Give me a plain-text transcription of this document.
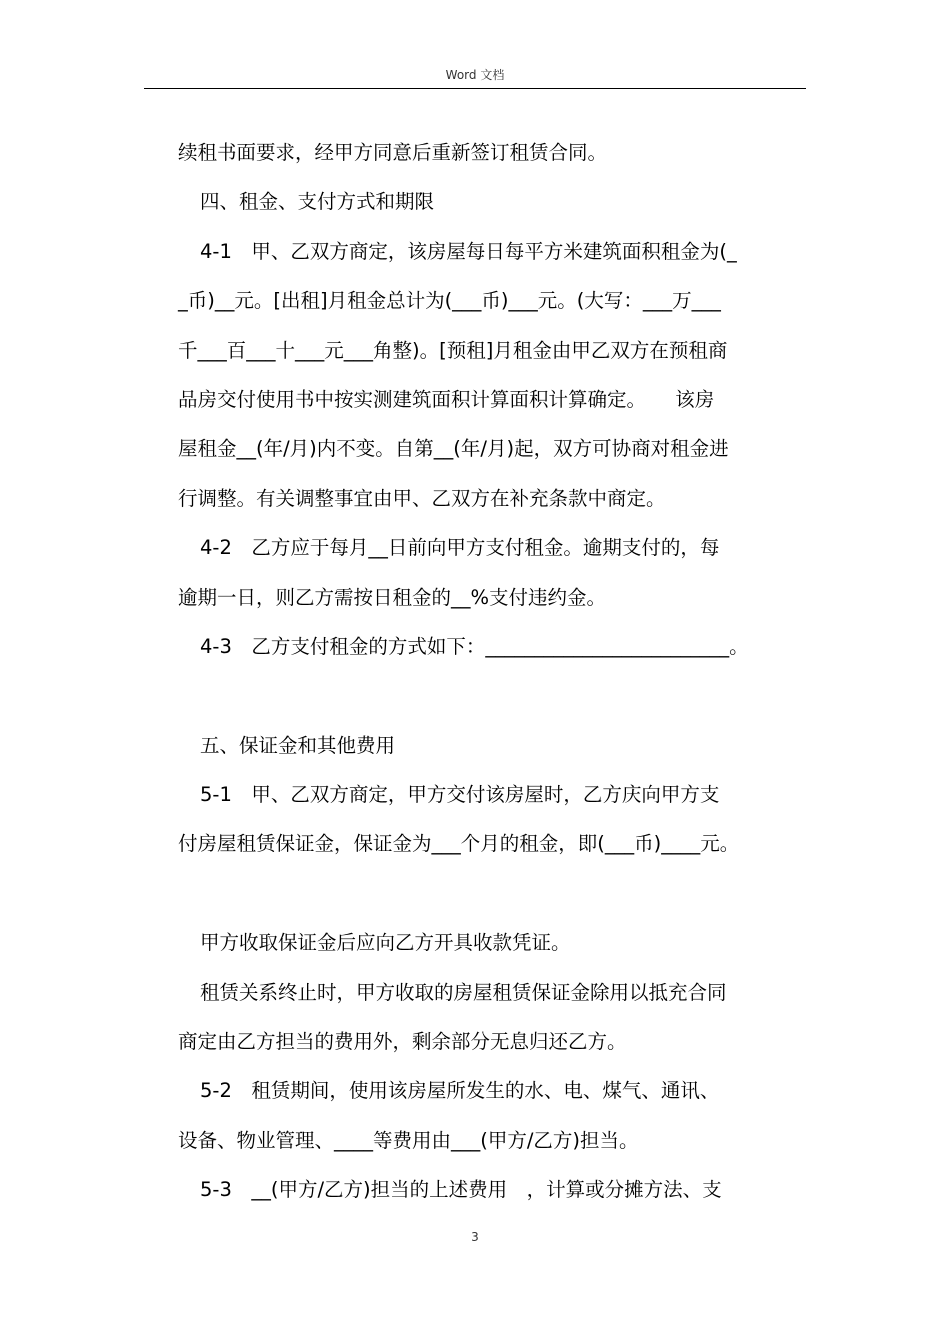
Word 文档
续租书面要求，经甲方同意后重新签订租赁合同。
四、租金、支付方式和期限
4-1　甲、乙双方商定，该房屋每日每平方米建筑面积租金为(_
_币)__元。[出租]月租金总计为(___币)___元。(大写：___万___
千___百___十___元___角整)。[预租]月租金由甲乙双方在预租商
品房交付使用书中按实测建筑面积计算面积计算确定。　　该房
屋租金__(年/月)内不变。自第__(年/月)起，双方可协商对租金进
行调整。有关调整事宜由甲、乙双方在补充条款中商定。
4-2　乙方应于每月__日前向甲方支付租金。逾期支付的，每
逾期一日，则乙方需按日租金的__%支付违约金。
4-3　乙方支付租金的方式如下：_________________________。
五、保证金和其他费用
5-1　甲、乙双方商定，甲方交付该房屋时，乙方庆向甲方支
付房屋租赁保证金，保证金为___个月的租金，即(___币)____元。
甲方收取保证金后应向乙方开具收款凭证。
租赁关系终止时，甲方收取的房屋租赁保证金除用以抵充合同
商定由乙方担当的费用外，剩余部分无息归还乙方。
5-2　租赁期间，使用该房屋所发生的水、电、煤气、通讯、
设备、物业管理、____等费用由___(甲方/乙方)担当。
5-3　__(甲方/乙方)担当的上述费用　，计算或分摊方法、支
3
